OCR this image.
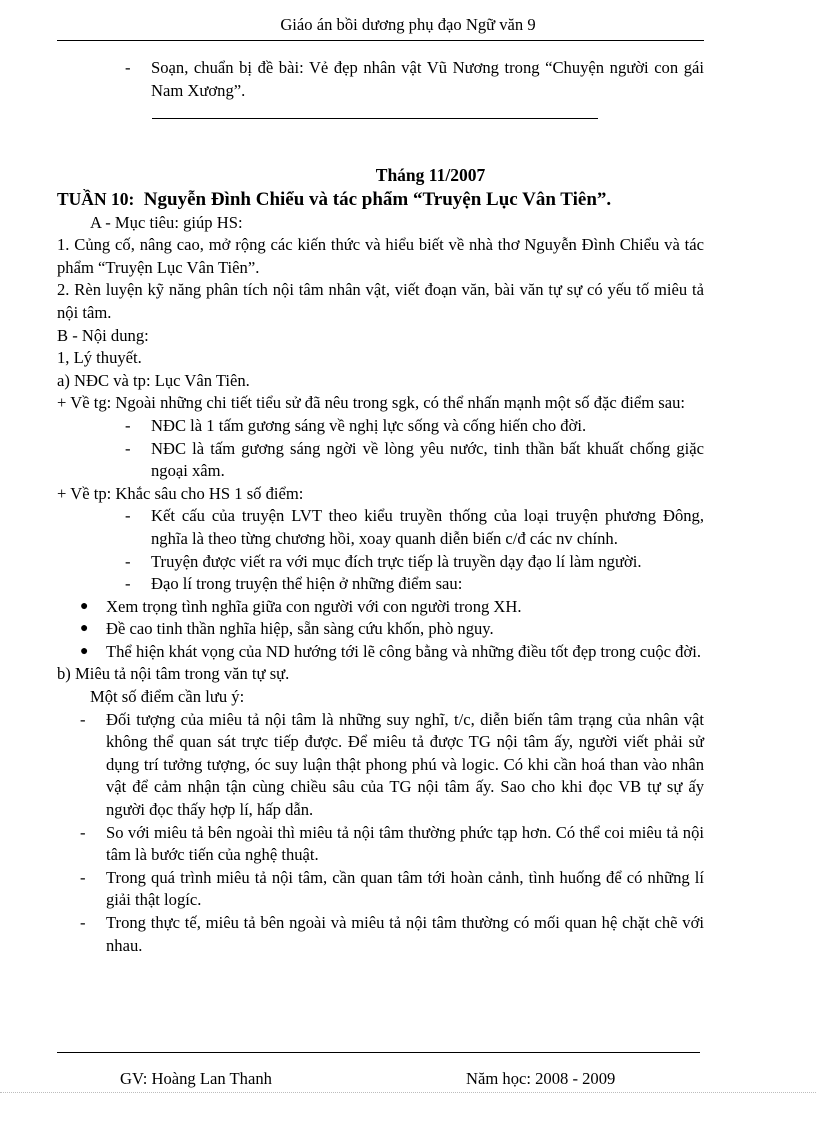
Giáo án bồi dương phụ đạo Ngữ văn 9
- Soạn, chuẩn bị đề bài: Vẻ đẹp nhân vật Vũ Nương trong “Chuyện người con gái Nam Xương”.
Tháng 11/2007
TUẦN 10: Nguyễn Đình Chiểu và tác phẩm “Truyện Lục Vân Tiên”.
A - Mục tiêu: giúp HS:
1. Củng cố, nâng cao, mở rộng các kiến thức và hiểu biết về nhà thơ Nguyễn Đình Chiểu và tác phẩm “Truyện Lục Vân Tiên”.
2. Rèn luyện kỹ năng phân tích nội tâm nhân vật, viết đoạn văn, bài văn tự sự có yếu tố miêu tả nội tâm.
B - Nội dung:
1, Lý thuyết.
a) NĐC và tp: Lục Vân Tiên.
+ Về tg: Ngoài những chi tiết tiểu sử đã nêu trong sgk, có thể nhấn mạnh một số đặc điểm sau:
- NĐC là 1 tấm gương sáng về nghị lực sống và cống hiến cho đời.
- NĐC là tấm gương sáng ngời về lòng yêu nước, tinh thần bất khuất chống giặc ngoại xâm.
+ Về tp: Khắc sâu cho HS 1 số điểm:
- Kết cấu của truyện LVT theo kiểu truyền thống của loại truyện phương Đông, nghĩa là theo từng chương hồi, xoay quanh diễn biến c/đ các nv chính.
- Truyện được viết ra với mục đích trực tiếp là truyền dạy đạo lí làm người.
- Đạo lí trong truyện thể hiện ở những điểm sau:
● Xem trọng tình nghĩa giữa con người với con người trong XH.
● Đề cao tinh thần nghĩa hiệp, sẵn sàng cứu khốn, phò nguy.
● Thể hiện khát vọng của ND hướng tới lẽ công bằng và những điều tốt đẹp trong cuộc đời.
b) Miêu tả nội tâm trong văn tự sự.
Một số điểm cần lưu ý:
- Đối tượng của miêu tả nội tâm là những suy nghĩ, t/c, diễn biến tâm trạng của nhân vật không thể quan sát trực tiếp được. Để miêu tả được TG nội tâm ấy, người viết phải sử dụng trí tưởng tượng, óc suy luận thật phong phú và logic. Có khi cần hoá than vào nhân vật để cảm nhận tận cùng chiều sâu của TG nội tâm ấy. Sao cho khi đọc VB tự sự ấy người đọc thấy hợp lí, hấp dẫn.
- So với miêu tả bên ngoài thì miêu tả nội tâm thường phức tạp hơn. Có thể coi miêu tả nội tâm là bước tiến của nghệ thuật.
- Trong quá trình miêu tả nội tâm, cần quan tâm tới hoàn cảnh, tình huống để có những lí giải thật logíc.
- Trong thực tế, miêu tả bên ngoài và miêu tả nội tâm thường có mối quan hệ chặt chẽ với nhau.
GV: Hoàng Lan Thanh	Năm học: 2008 - 2009
